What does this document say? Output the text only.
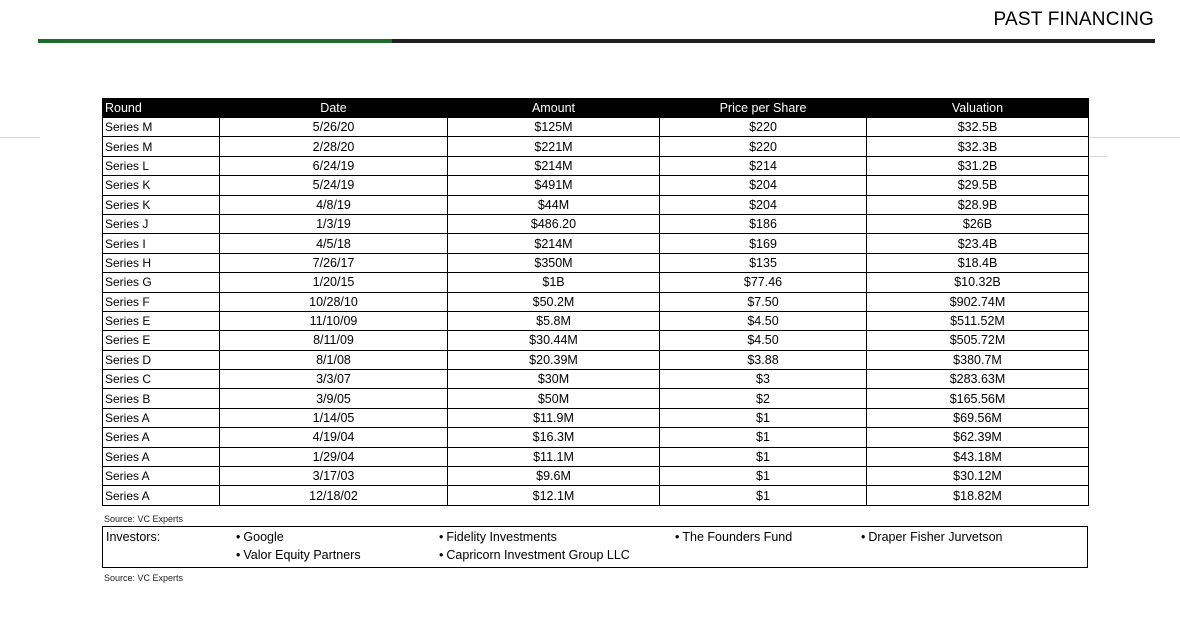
PAST FINANCING
Round	Date	Amount	Price per Share	Valuation
Series M	5/26/20	$125M	$220	$32.5B
Series M	2/28/20	$221M	$220	$32.3B
Series L	6/24/19	$214M	$214	$31.2B
Series K	5/24/19	$491M	$204	$29.5B
Series K	4/8/19	$44M	$204	$28.9B
Series J	1/3/19	$486.20	$186	$26B
Series I	4/5/18	$214M	$169	$23.4B
Series H	7/26/17	$350M	$135	$18.4B
Series G	1/20/15	$1B	$77.46	$10.32B
Series F	10/28/10	$50.2M	$7.50	$902.74M
Series E	11/10/09	$5.8M	$4.50	$511.52M
Series E	8/11/09	$30.44M	$4.50	$505.72M
Series D	8/1/08	$20.39M	$3.88	$380.7M
Series C	3/3/07	$30M	$3	$283.63M
Series B	3/9/05	$50M	$2	$165.56M
Series A	1/14/05	$11.9M	$1	$69.56M
Series A	4/19/04	$16.3M	$1	$62.39M
Series A	1/29/04	$11.1M	$1	$43.18M
Series A	3/17/03	$9.6M	$1	$30.12M
Series A	12/18/02	$12.1M	$1	$18.82M
Source: VC Experts
Investors:	• Google	• Fidelity Investments	• The Founders Fund	• Draper Fisher Jurvetson
• Valor Equity Partners	• Capricorn Investment Group LLC
Source: VC Experts
